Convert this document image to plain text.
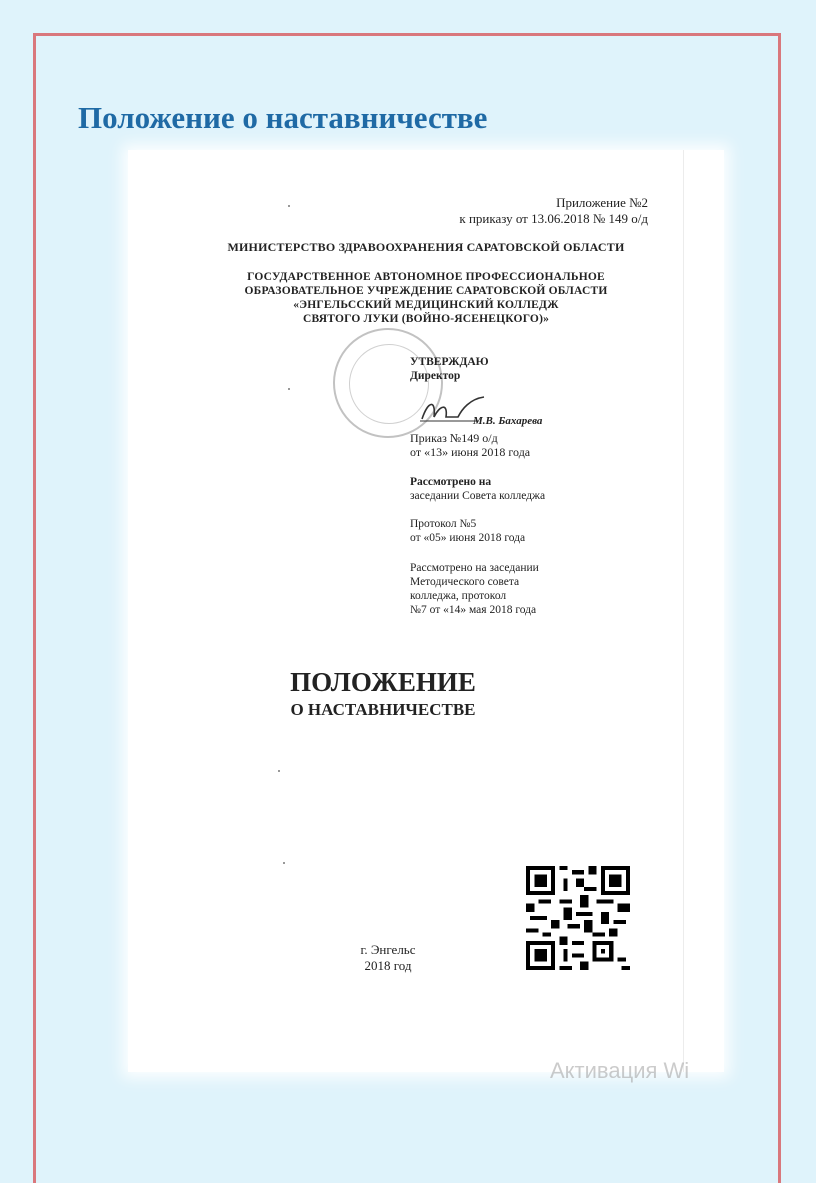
Положение о наставничестве
Приложение №2
к приказу от 13.06.2018 № 149 о/д
МИНИСТЕРСТВО ЗДРАВООХРАНЕНИЯ САРАТОВСКОЙ ОБЛАСТИ
ГОСУДАРСТВЕННОЕ АВТОНОМНОЕ ПРОФЕССИОНАЛЬНОЕ
ОБРАЗОВАТЕЛЬНОЕ УЧРЕЖДЕНИЕ САРАТОВСКОЙ ОБЛАСТИ
«ЭНГЕЛЬССКИЙ МЕДИЦИНСКИЙ КОЛЛЕДЖ
СВЯТОГО ЛУКИ (ВОЙНО-ЯСЕНЕЦКОГО)»
УТВЕРЖДАЮ
Директор
М.В. Бахарева
Приказ №149 о/д
от «13» июня 2018 года
Рассмотрено на
заседании Совета колледжа
Протокол №5
от «05» июня 2018 года
Рассмотрено на заседании
Методического совета
колледжа, протокол
№7 от «14» мая 2018 года
ПОЛОЖЕНИЕ
О НАСТАВНИЧЕСТВЕ
г. Энгельс
2018 год
Активация Wi
